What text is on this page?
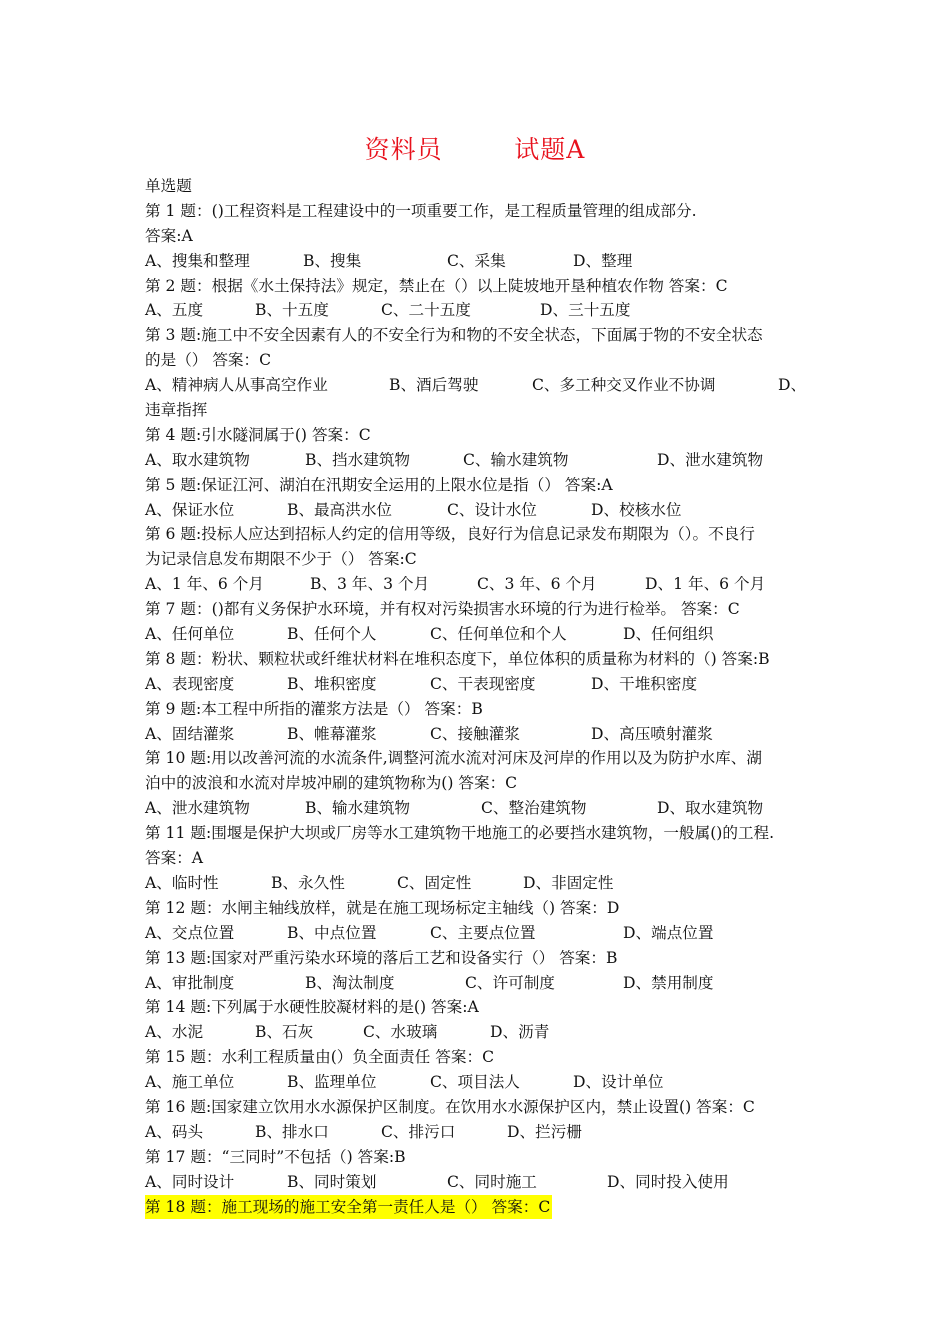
资料员	试题A
单选题
第 1 题：()工程资料是工程建设中的一项重要工作，是工程质量管理的组成部分.
答案:A
A、搜集和整理	B、搜集	C、采集	D、整理
第 2 题：根据《水土保持法》规定，禁止在（）以上陡坡地开垦种植农作物 答案：C
A、五度	B、十五度	C、二十五度	D、三十五度
第 3 题:施工中不安全因素有人的不安全行为和物的不安全状态，下面属于物的不安全状态
的是（） 答案：C
A、精神病人从事高空作业	B、酒后驾驶	C、多工种交叉作业不协调	D、
违章指挥
第 4 题:引水隧洞属于() 答案：C
A、取水建筑物	B、挡水建筑物	C、输水建筑物	D、泄水建筑物
第 5 题:保证江河、湖泊在汛期安全运用的上限水位是指（） 答案:A
A、保证水位	B、最高洪水位	C、设计水位	D、校核水位
第 6 题:投标人应达到招标人约定的信用等级，良好行为信息记录发布期限为（）。不良行
为记录信息发布期限不少于（） 答案:C
A、1 年、6 个月	B、3 年、3 个月	C、3 年、6 个月	D、1 年、6 个月
第 7 题：()都有义务保护水环境，并有权对污染损害水环境的行为进行检举。 答案：C
A、任何单位	B、任何个人	C、任何单位和个人	D、任何组织
第 8 题：粉状、颗粒状或纤维状材料在堆积态度下，单位体积的质量称为材料的（) 答案:B
A、表现密度	B、堆积密度	C、干表现密度	D、干堆积密度
第 9 题:本工程中所指的灌浆方法是（） 答案：B
A、固结灌浆	B、帷幕灌浆	C、接触灌浆	D、高压喷射灌浆
第 10 题:用以改善河流的水流条件,调整河流水流对河床及河岸的作用以及为防护水库、湖
泊中的波浪和水流对岸坡冲刷的建筑物称为() 答案：C
A、泄水建筑物	B、输水建筑物	C、整治建筑物	D、取水建筑物
第 11 题:围堰是保护大坝或厂房等水工建筑物干地施工的必要挡水建筑物，一般属()的工程.
答案：A
A、临时性	B、永久性	C、固定性	D、非固定性
第 12 题：水闸主轴线放样，就是在施工现场标定主轴线（) 答案：D
A、交点位置	B、中点位置	C、主要点位置	D、端点位置
第 13 题:国家对严重污染水环境的落后工艺和设备实行（） 答案：B
A、审批制度	B、淘汰制度	C、许可制度	D、禁用制度
第 14 题:下列属于水硬性胶凝材料的是() 答案:A
A、水泥	B、石灰	C、水玻璃	D、沥青
第 15 题：水利工程质量由(）负全面责任 答案：C
A、施工单位	B、监理单位	C、项目法人	D、设计单位
第 16 题:国家建立饮用水水源保护区制度。在饮用水水源保护区内，禁止设置() 答案：C
A、码头	B、排水口	C、排污口	D、拦污栅
第 17 题：“三同时”不包括（) 答案:B
A、同时设计	B、同时策划	C、同时施工	D、同时投入使用
第 18 题：施工现场的施工安全第一责任人是（） 答案：C
